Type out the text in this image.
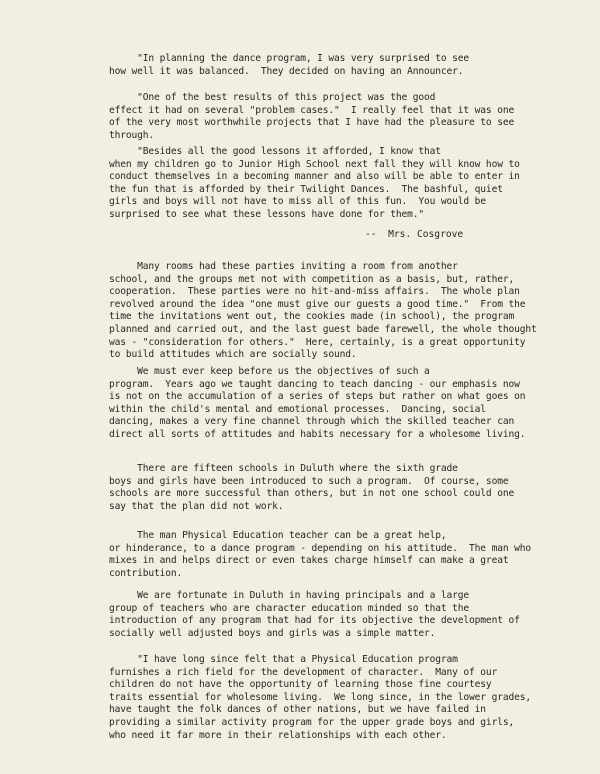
"In planning the dance program, I was very surprised to see
how well it was balanced.  They decided on having an Announcer.

"One of the best results of this project was the good
effect it had on several "problem cases."  I really feel that it was one
of the very most worthwhile projects that I have had the pleasure to see
through.

"Besides all the good lessons it afforded, I know that
when my children go to Junior High School next fall they will know how to
conduct themselves in a becoming manner and also will be able to enter in
the fun that is afforded by their Twilight Dances.  The bashful, quiet
girls and boys will not have to miss all of this fun.  You would be
surprised to see what these lessons have done for them."

--  Mrs. Cosgrove

Many rooms had these parties inviting a room from another
school, and the groups met not with competition as a basis, but, rather,
cooperation.  These parties were no hit-and-miss affairs.  The whole plan
revolved around the idea "one must give our guests a good time."  From the
time the invitations went out, the cookies made (in school), the program
planned and carried out, and the last guest bade farewell, the whole thought
was - "consideration for others."  Here, certainly, is a great opportunity
to build attitudes which are socially sound.

We must ever keep before us the objectives of such a
program.  Years ago we taught dancing to teach dancing - our emphasis now
is not on the accumulation of a series of steps but rather on what goes on
within the child's mental and emotional processes.  Dancing, social
dancing, makes a very fine channel through which the skilled teacher can
direct all sorts of attitudes and habits necessary for a wholesome living.

There are fifteen schools in Duluth where the sixth grade
boys and girls have been introduced to such a program.  Of course, some
schools are more successful than others, but in not one school could one
say that the plan did not work.

The man Physical Education teacher can be a great help,
or hinderance, to a dance program - depending on his attitude.  The man who
mixes in and helps direct or even takes charge himself can make a great
contribution.

We are fortunate in Duluth in having principals and a large
group of teachers who are character education minded so that the
introduction of any program that had for its objective the development of
socially well adjusted boys and girls was a simple matter.

"I have long since felt that a Physical Education program
furnishes a rich field for the development of character.  Many of our
children do not have the opportunity of learning those fine courtesy
traits essential for wholesome living.  We long since, in the lower grades,
have taught the folk dances of other nations, but we have failed in
providing a similar activity program for the upper grade boys and girls,
who need it far more in their relationships with each other.
